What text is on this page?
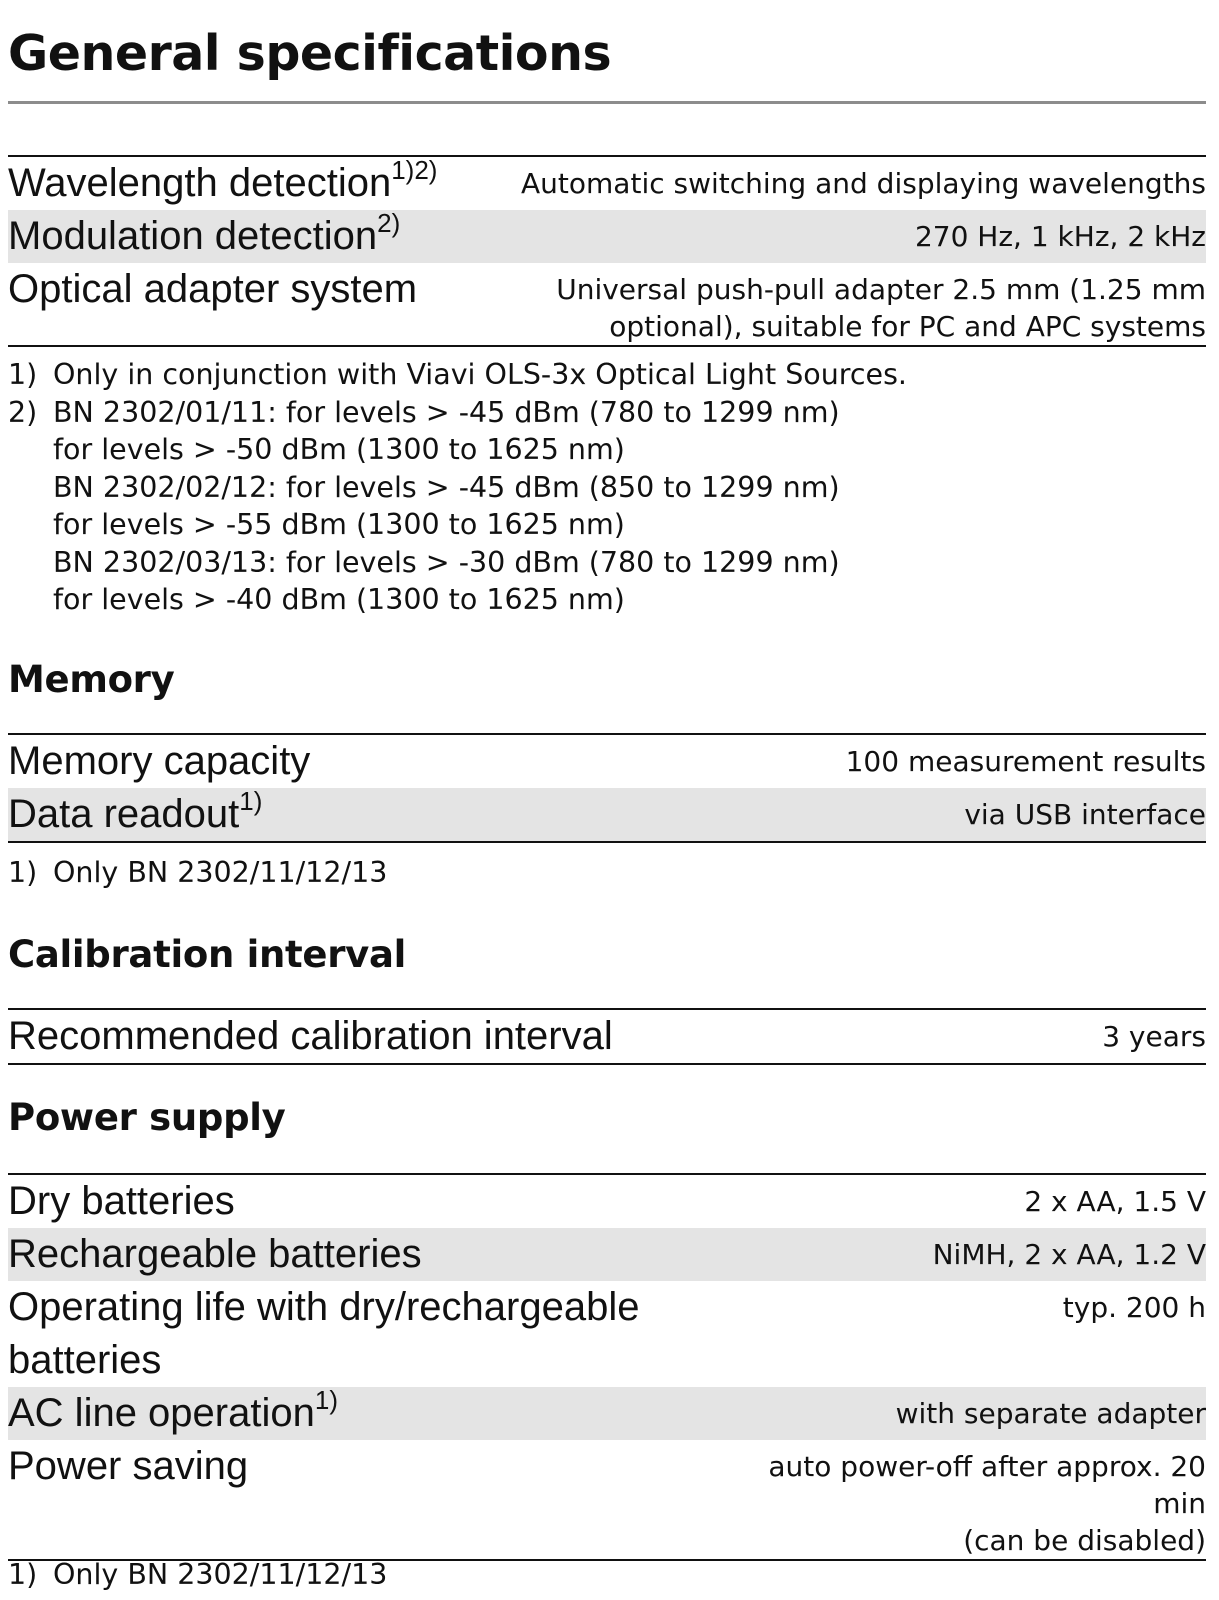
General specifications
Wavelength detection$^{1)2)}$	Automatic switching and displaying wavelengths

Modulation detection$^{2)}$	270 Hz, 1 kHz, 2 kHz

Optical adapter system	Universal push-pull adapter 2.5 mm (1.25 mm
optional), suitable for PC and APC systems
1) Only in conjunction with Viavi OLS-3x Optical Light Sources.
2) BN 2302/01/11: for levels > -45 dBm (780 to 1299 nm)
for levels > -50 dBm (1300 to 1625 nm)
BN 2302/02/12: for levels > -45 dBm (850 to 1299 nm)
for levels > -55 dBm (1300 to 1625 nm)
BN 2302/03/13: for levels > -30 dBm (780 to 1299 nm)
for levels > -40 dBm (1300 to 1625 nm)
Memory
Memory capacity	100 measurement results

Data readout$^{1)}$	via USB interface
1) Only BN 2302/11/12/13
Calibration interval
Recommended calibration interval	3 years
Power supply
Dry batteries	2 x AA, 1.5 V

Rechargeable batteries	NiMH, 2 x AA, 1.2 V

Operating life with dry/rechargeable batteries	typ. 200 h

AC line operation$^{1)}$	with separate adapter

Power saving	auto power-off after approx. 20 min
(can be disabled)
1) Only BN 2302/11/12/13
